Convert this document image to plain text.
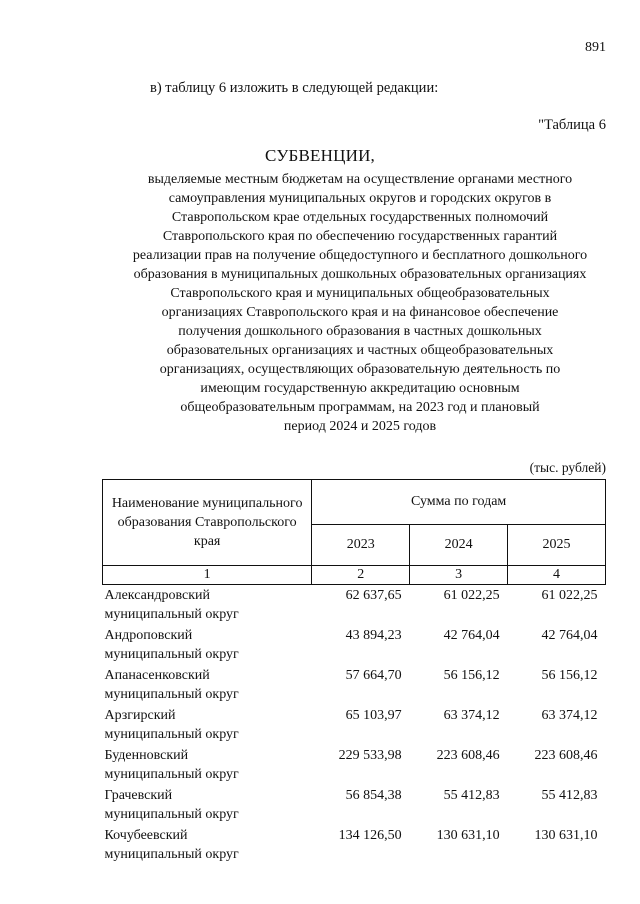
891
в) таблицу 6 изложить в следующей редакции:
"Таблица 6
СУБВЕНЦИИ,
выделяемые местным бюджетам на осуществление органами местного
самоуправления муниципальных округов и городских округов в
Ставропольском крае отдельных государственных полномочий
Ставропольского края по обеспечению государственных гарантий
реализации прав на получение общедоступного и бесплатного дошкольного
образования в муниципальных дошкольных образовательных организациях
Ставропольского края и муниципальных общеобразовательных
организациях Ставропольского края и на финансовое обеспечение
получения дошкольного образования в частных дошкольных
образовательных организациях и частных общеобразовательных
организациях, осуществляющих образовательную деятельность по
имеющим государственную аккредитацию основным
общеобразовательным программам, на 2023 год и плановый
период 2024 и 2025 годов
(тыс. рублей)
Наименование муниципального образования Ставропольского края	Сумма по годам		
	2023	2024	2025
1	2	3	4

Александровский
муниципальный округ	62 637,65	61 022,25	61 022,25

Андроповский
муниципальный округ	43 894,23	42 764,04	42 764,04

Апанасенковский
муниципальный округ	57 664,70	56 156,12	56 156,12

Арзгирский
муниципальный округ	65 103,97	63 374,12	63 374,12

Буденновский
муниципальный округ	229 533,98	223 608,46	223 608,46

Грачевский
муниципальный округ	56 854,38	55 412,83	55 412,83

Кочубеевский
муниципальный округ	134 126,50	130 631,10	130 631,10
